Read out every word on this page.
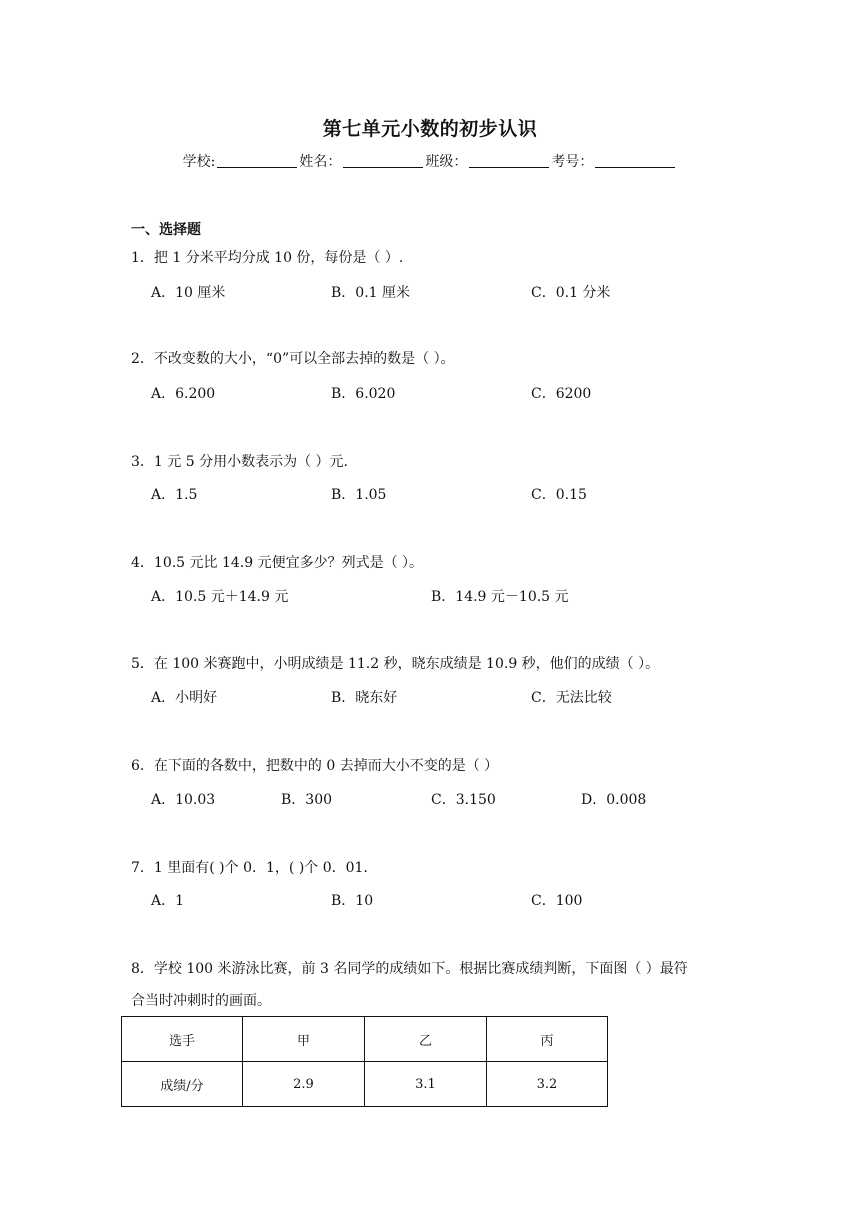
第七单元小数的初步认识
学校:	姓名：	班级：	考号：
一、选择题
1．把 1 分米平均分成 10 份，每份是（ ）.
A．10 厘米	B．0.1 厘米	C．0.1 分米
2．不改变数的大小，“0”可以全部去掉的数是（ ）。
A．6.200	B．6.020	C．6200
3．1 元 5 分用小数表示为（ ）元.
A．1.5	B．1.05	C．0.15
4．10.5 元比 14.9 元便宜多少？列式是（ ）。
A．10.5 元＋14.9 元	B．14.9 元－10.5 元
5．在 100 米赛跑中，小明成绩是 11.2 秒，晓东成绩是 10.9 秒，他们的成绩（ ）。
A．小明好	B．晓东好	C．无法比较
6．在下面的各数中，把数中的 0 去掉而大小不变的是（ ）
A．10.03	B．300	C．3.150	D．0.008
7．1 里面有( )个 0．1，( )个 0．01．
A．1	B．10	C．100
8．学校 100 米游泳比赛，前 3 名同学的成绩如下。根据比赛成绩判断，下面图（ ）最符
合当时冲刺时的画面。
选手	甲	乙	丙
成绩/分	2.9	3.1	3.2
